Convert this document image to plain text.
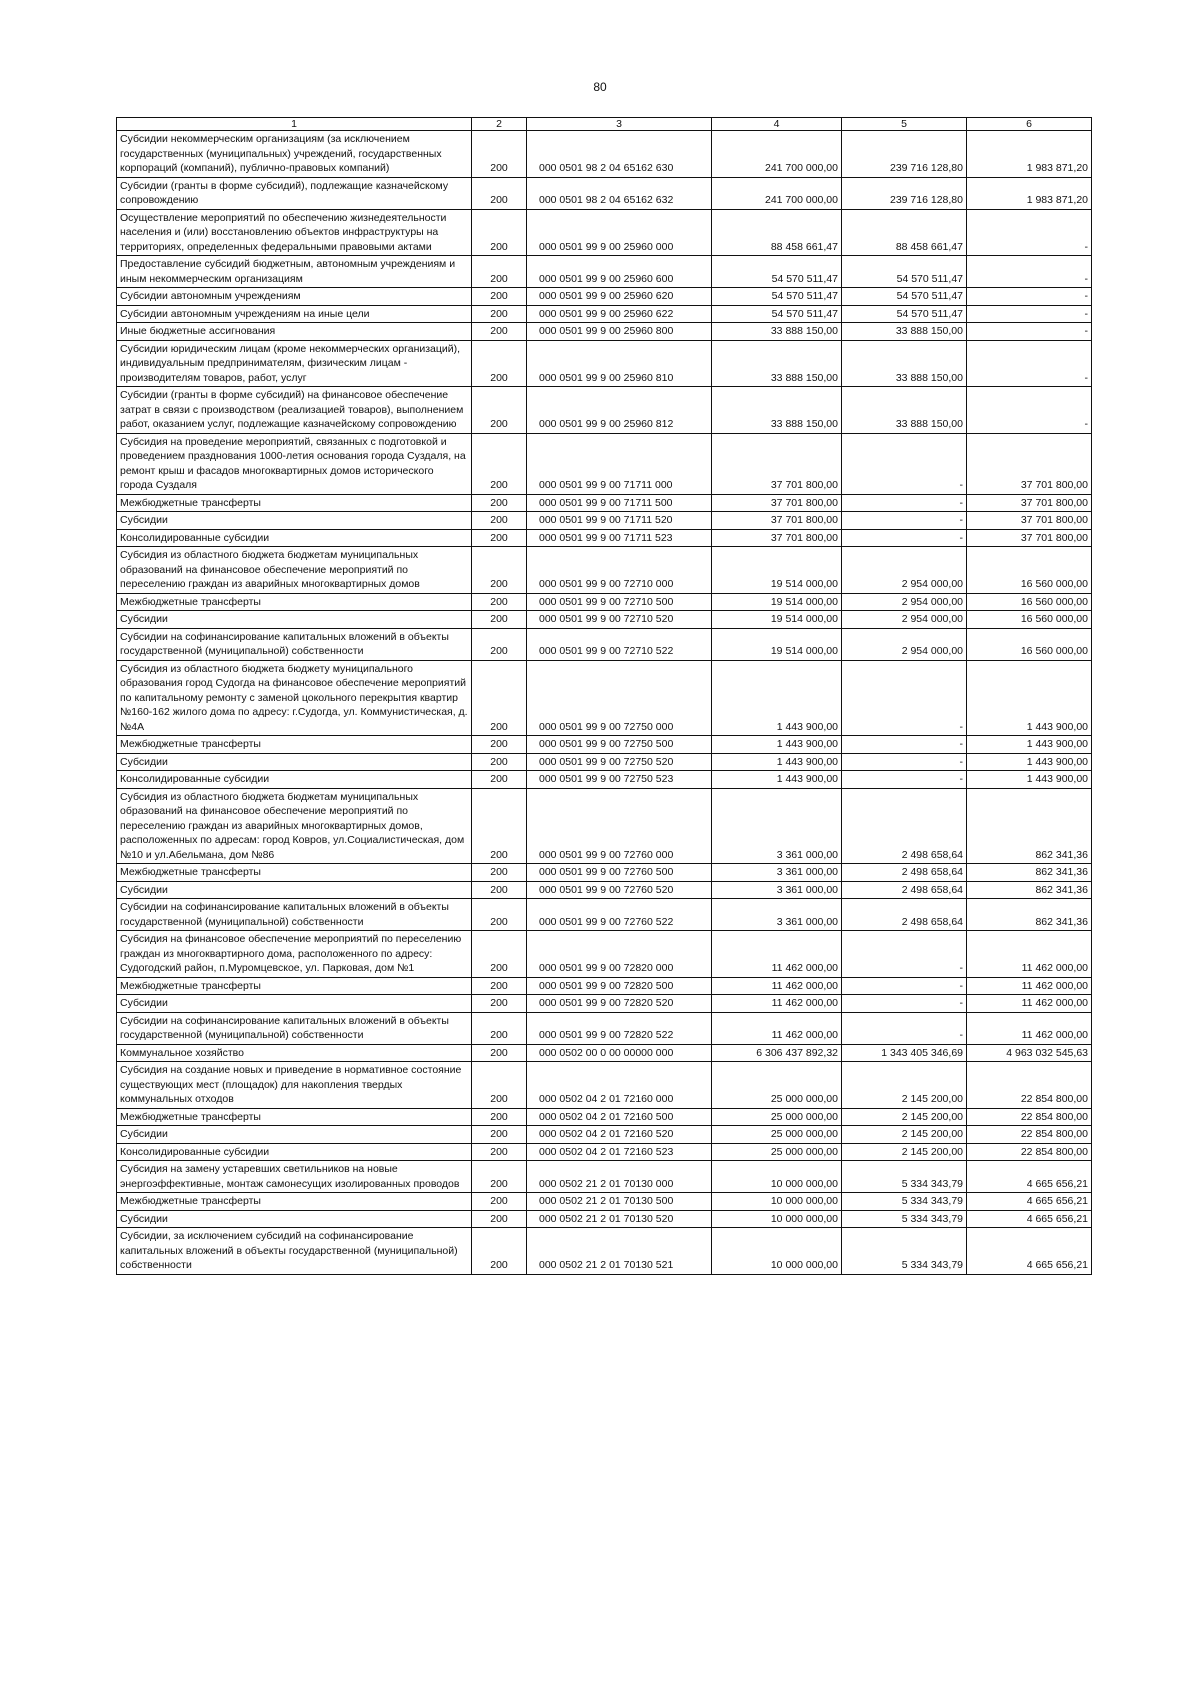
80
1	2	3	4	5	6
Субсидии некоммерческим организациям (за исключением государственных (муниципальных) учреждений, государственных корпораций (компаний), публично-правовых компаний)	200	000 0501 98 2 04 65162 630	241 700 000,00	239 716 128,80	1 983 871,20
Субсидии (гранты в форме субсидий), подлежащие казначейскому сопровождению	200	000 0501 98 2 04 65162 632	241 700 000,00	239 716 128,80	1 983 871,20
Осуществление мероприятий по обеспечению жизнедеятельности населения и (или) восстановлению объектов инфраструктуры на территориях, определенных федеральными правовыми актами	200	000 0501 99 9 00 25960 000	88 458 661,47	88 458 661,47	-
Предоставление субсидий бюджетным, автономным учреждениям и иным некоммерческим организациям	200	000 0501 99 9 00 25960 600	54 570 511,47	54 570 511,47	-
Субсидии автономным учреждениям	200	000 0501 99 9 00 25960 620	54 570 511,47	54 570 511,47	-
Субсидии автономным учреждениям на иные цели	200	000 0501 99 9 00 25960 622	54 570 511,47	54 570 511,47	-
Иные бюджетные ассигнования	200	000 0501 99 9 00 25960 800	33 888 150,00	33 888 150,00	-
Субсидии юридическим лицам (кроме некоммерческих организаций), индивидуальным предпринимателям, физическим лицам - производителям товаров, работ, услуг	200	000 0501 99 9 00 25960 810	33 888 150,00	33 888 150,00	-
Субсидии (гранты в форме субсидий) на финансовое обеспечение затрат в связи с производством (реализацией товаров), выполнением работ, оказанием услуг, подлежащие казначейскому сопровождению	200	000 0501 99 9 00 25960 812	33 888 150,00	33 888 150,00	-
Субсидия на проведение мероприятий, связанных с подготовкой и проведением празднования 1000-летия основания города Суздаля, на ремонт крыш и фасадов многоквартирных домов исторического города Суздаля	200	000 0501 99 9 00 71711 000	37 701 800,00	-	37 701 800,00
Межбюджетные трансферты	200	000 0501 99 9 00 71711 500	37 701 800,00	-	37 701 800,00
Субсидии	200	000 0501 99 9 00 71711 520	37 701 800,00	-	37 701 800,00
Консолидированные субсидии	200	000 0501 99 9 00 71711 523	37 701 800,00	-	37 701 800,00
Субсидия из областного бюджета бюджетам муниципальных образований на финансовое обеспечение мероприятий по переселению граждан из аварийных многоквартирных домов	200	000 0501 99 9 00 72710 000	19 514 000,00	2 954 000,00	16 560 000,00
Межбюджетные трансферты	200	000 0501 99 9 00 72710 500	19 514 000,00	2 954 000,00	16 560 000,00
Субсидии	200	000 0501 99 9 00 72710 520	19 514 000,00	2 954 000,00	16 560 000,00
Субсидии на софинансирование капитальных вложений в объекты государственной (муниципальной) собственности	200	000 0501 99 9 00 72710 522	19 514 000,00	2 954 000,00	16 560 000,00
Субсидия из областного бюджета бюджету муниципального образования город Судогда на финансовое обеспечение мероприятий по капитальному ремонту с заменой цокольного перекрытия квартир №160-162 жилого дома по адресу: г.Судогда, ул. Коммунистическая, д.№4А	200	000 0501 99 9 00 72750 000	1 443 900,00	-	1 443 900,00
Межбюджетные трансферты	200	000 0501 99 9 00 72750 500	1 443 900,00	-	1 443 900,00
Субсидии	200	000 0501 99 9 00 72750 520	1 443 900,00	-	1 443 900,00
Консолидированные субсидии	200	000 0501 99 9 00 72750 523	1 443 900,00	-	1 443 900,00
Субсидия из областного бюджета бюджетам муниципальных образований на финансовое обеспечение мероприятий по переселению граждан из аварийных многоквартирных домов, расположенных по адресам: город Ковров, ул.Социалистическая, дом №10 и ул.Абельмана, дом №86	200	000 0501 99 9 00 72760 000	3 361 000,00	2 498 658,64	862 341,36
Межбюджетные трансферты	200	000 0501 99 9 00 72760 500	3 361 000,00	2 498 658,64	862 341,36
Субсидии	200	000 0501 99 9 00 72760 520	3 361 000,00	2 498 658,64	862 341,36
Субсидии на софинансирование капитальных вложений в объекты государственной (муниципальной) собственности	200	000 0501 99 9 00 72760 522	3 361 000,00	2 498 658,64	862 341,36
Субсидия на финансовое обеспечение мероприятий по переселению граждан из многоквартирного дома, расположенного по адресу: Судогодский район, п.Муромцевское, ул. Парковая, дом №1	200	000 0501 99 9 00 72820 000	11 462 000,00	-	11 462 000,00
Межбюджетные трансферты	200	000 0501 99 9 00 72820 500	11 462 000,00	-	11 462 000,00
Субсидии	200	000 0501 99 9 00 72820 520	11 462 000,00	-	11 462 000,00
Субсидии на софинансирование капитальных вложений в объекты государственной (муниципальной) собственности	200	000 0501 99 9 00 72820 522	11 462 000,00	-	11 462 000,00
Коммунальное хозяйство	200	000 0502 00 0 00 00000 000	6 306 437 892,32	1 343 405 346,69	4 963 032 545,63
Субсидия на создание новых и приведение в нормативное состояние существующих мест (площадок) для накопления твердых коммунальных отходов	200	000 0502 04 2 01 72160 000	25 000 000,00	2 145 200,00	22 854 800,00
Межбюджетные трансферты	200	000 0502 04 2 01 72160 500	25 000 000,00	2 145 200,00	22 854 800,00
Субсидии	200	000 0502 04 2 01 72160 520	25 000 000,00	2 145 200,00	22 854 800,00
Консолидированные субсидии	200	000 0502 04 2 01 72160 523	25 000 000,00	2 145 200,00	22 854 800,00
Субсидия на замену устаревших светильников на новые энергоэффективные, монтаж самонесущих изолированных проводов	200	000 0502 21 2 01 70130 000	10 000 000,00	5 334 343,79	4 665 656,21
Межбюджетные трансферты	200	000 0502 21 2 01 70130 500	10 000 000,00	5 334 343,79	4 665 656,21
Субсидии	200	000 0502 21 2 01 70130 520	10 000 000,00	5 334 343,79	4 665 656,21
Субсидии, за исключением субсидий на софинансирование капитальных вложений в объекты государственной (муниципальной) собственности	200	000 0502 21 2 01 70130 521	10 000 000,00	5 334 343,79	4 665 656,21
